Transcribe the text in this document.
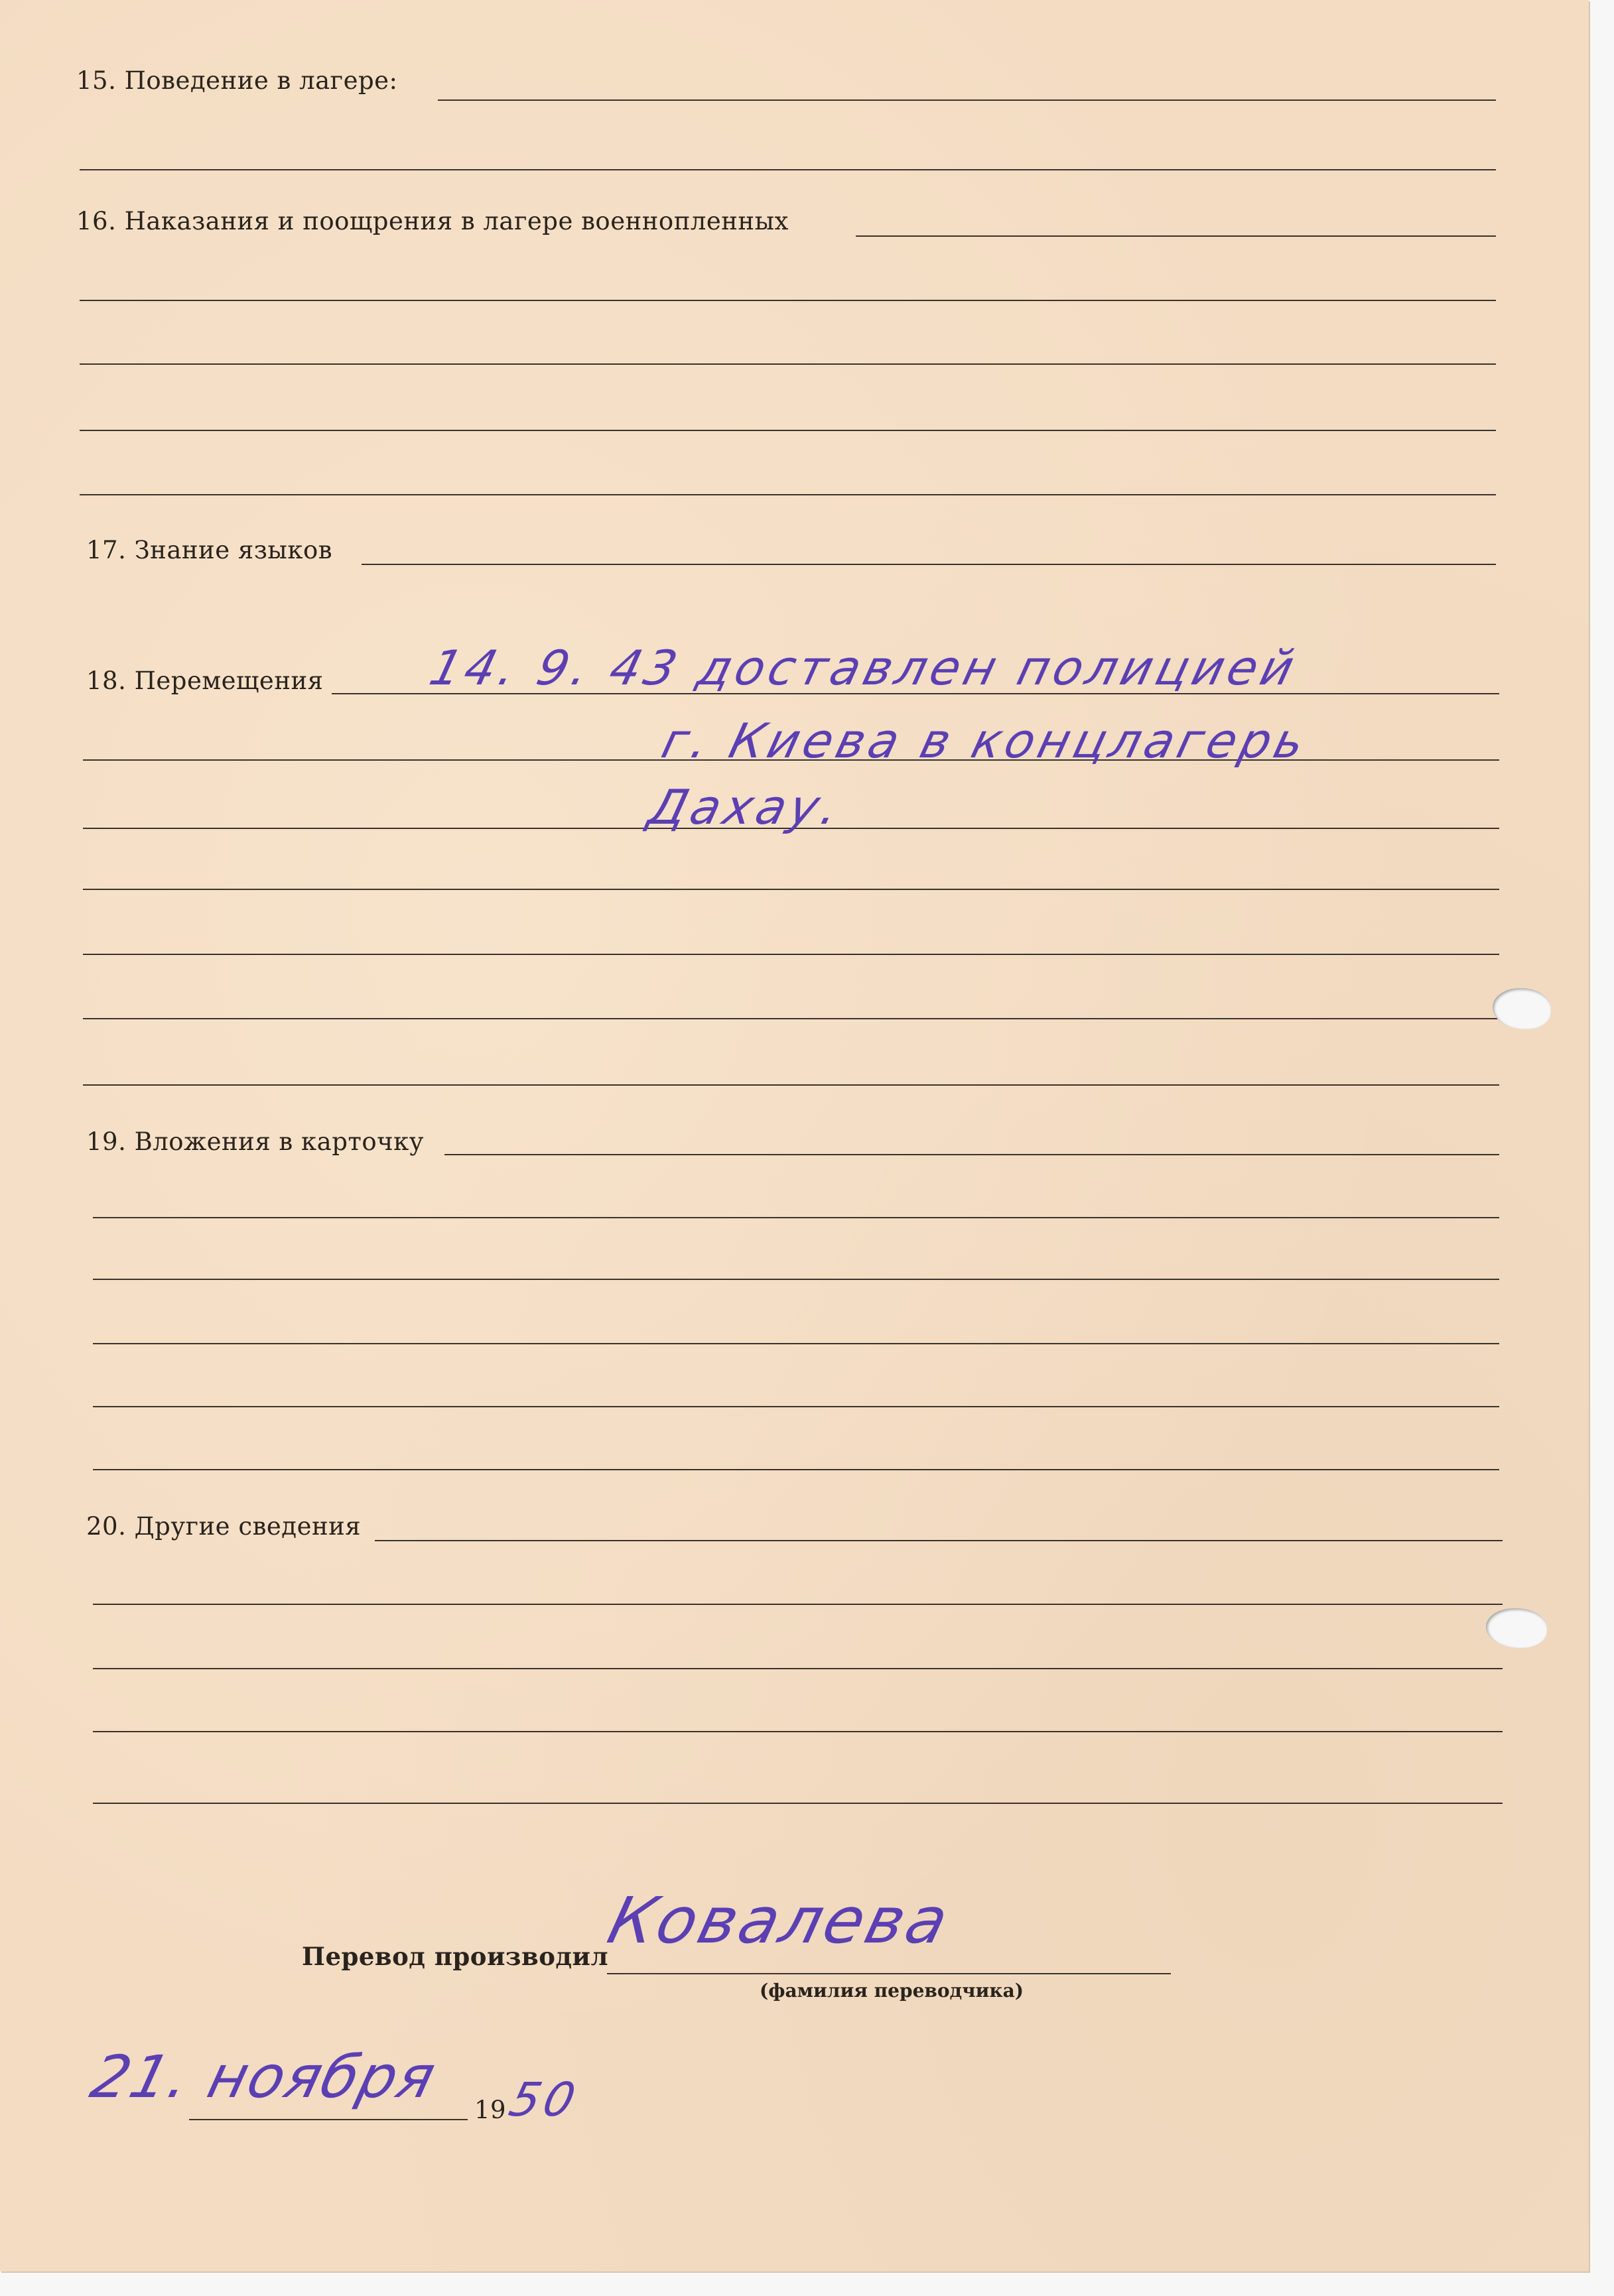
15. Поведение в лагере:
16. Наказания и поощрения в лагере военнопленных
17. Знание языков
18. Перемещения 14. 9. 43 доставлен полицией
г. Киева в концлагерь
Дахау.
19. Вложения в карточку
20. Другие сведения
Перевод производил
Ковалева
(фамилия переводчика)
21. ноября 19
50
